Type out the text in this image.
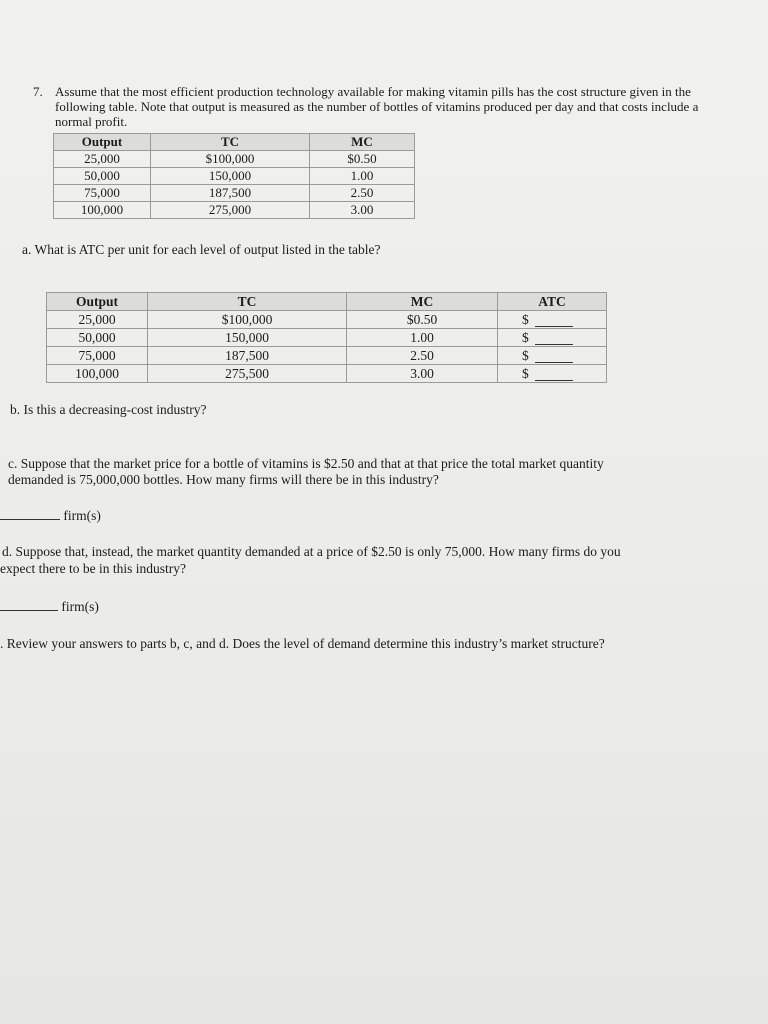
7. Assume that the most efficient production technology available for making vitamin pills has the cost structure given in the following table. Note that output is measured as the number of bottles of vitamins produced per day and that costs include a normal profit.
Output	TC	MC
25,000	$100,000	$0.50
50,000	150,000	1.00
75,000	187,500	2.50
100,000	275,000	3.00
a. What is ATC per unit for each level of output listed in the table?
Output	TC	MC	ATC
25,000	$100,000	$0.50	$
50,000	150,000	1.00	$
75,000	187,500	2.50	$
100,000	275,500	3.00	$
b. Is this a decreasing-cost industry?
c. Suppose that the market price for a bottle of vitamins is $2.50 and that at that price the total market quantity
demanded is 75,000,000 bottles. How many firms will there be in this industry?
firm(s)
d. Suppose that, instead, the market quantity demanded at a price of $2.50 is only 75,000. How many firms do you
expect there to be in this industry?
firm(s)
. Review your answers to parts b, c, and d. Does the level of demand determine this industry’s market structure?
